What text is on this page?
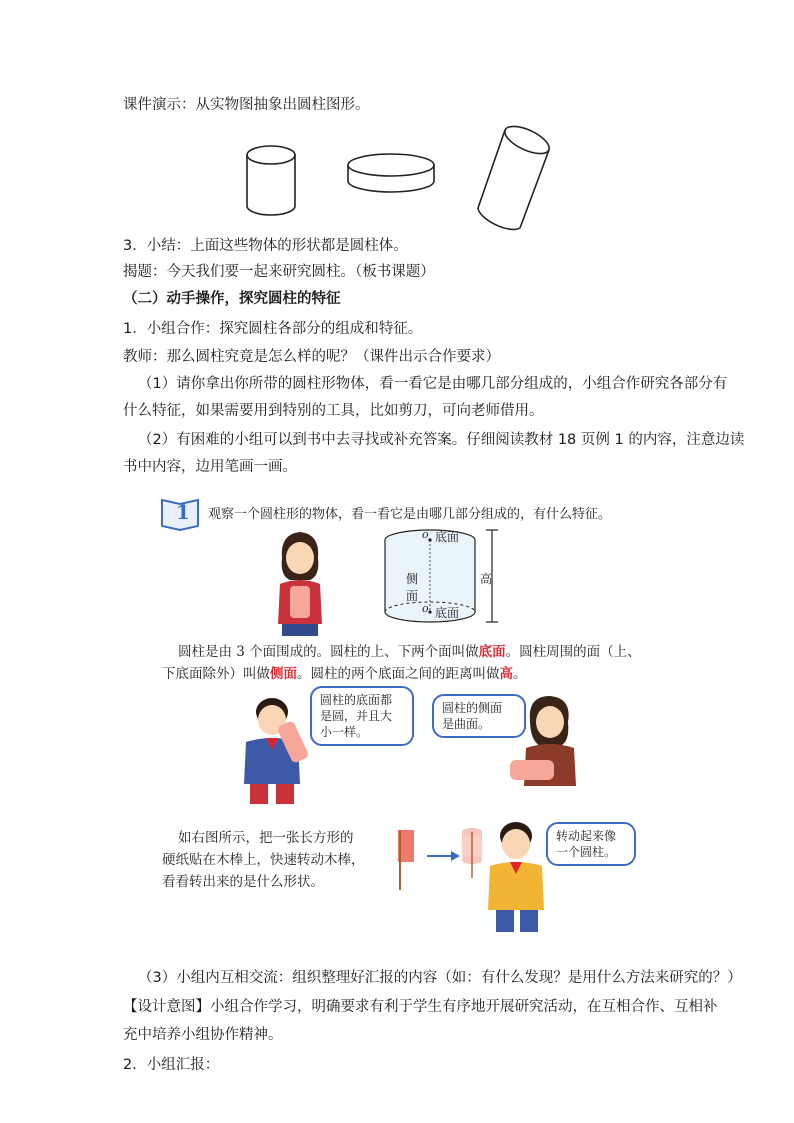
课件演示：从实物图抽象出圆柱图形。
3．小结：上面这些物体的形状都是圆柱体。
揭题：今天我们要一起来研究圆柱。（板书课题）
（二）动手操作，探究圆柱的特征
1．小组合作：探究圆柱各部分的组成和特征。
教师：那么圆柱究竟是怎么样的呢？（课件出示合作要求）
（1）请你拿出你所带的圆柱形物体，看一看它是由哪几部分组成的，小组合作研究各部分有
什么特征，如果需要用到特别的工具，比如剪刀，可向老师借用。
（2）有困难的小组可以到书中去寻找或补充答案。仔细阅读教材 18 页例 1 的内容，注意边读
书中内容，边用笔画一画。
1 观察一个圆柱形的物体，看一看它是由哪几部分组成的，有什么特征。
o 底面
侧
面
o 底面
高
圆柱是由 3 个面围成的。圆柱的上、下两个面叫做底面。圆柱周围的面（上、
下底面除外）叫做侧面。圆柱的两个底面之间的距离叫做高。
圆柱的底面都
是圆，并且大
小一样。
圆柱的侧面
是曲面。
如右图所示，把一张长方形的
硬纸贴在木棒上，快速转动木棒，
看看转出来的是什么形状。
转动起来像
一个圆柱。
（3）小组内互相交流：组织整理好汇报的内容（如：有什么发现？是用什么方法来研究的？）
【设计意图】小组合作学习，明确要求有利于学生有序地开展研究活动，在互相合作、互相补
充中培养小组协作精神。
2．小组汇报：
